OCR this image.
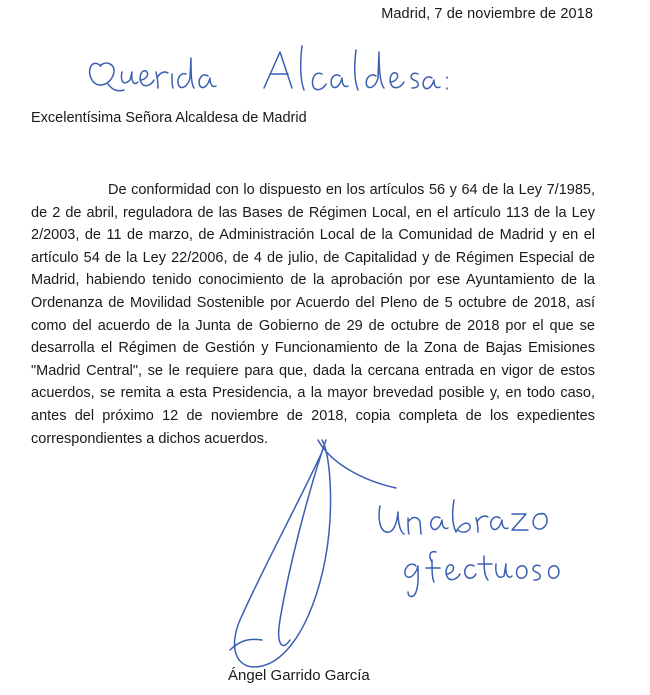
Madrid, 7 de noviembre de 2018
Excelentísima Señora Alcaldesa de Madrid

De conformidad con lo dispuesto en los artículos 56 y 64 de la Ley 7/1985, de 2 de abril, reguladora de las Bases de Régimen Local, en el artículo 113 de la Ley 2/2003, de 11 de marzo, de Administración Local de la Comunidad de Madrid y en el artículo 54 de la Ley 22/2006, de 4 de julio, de Capitalidad y de Régimen Especial de Madrid, habiendo tenido conocimiento de la aprobación por ese Ayuntamiento de la Ordenanza de Movilidad Sostenible por Acuerdo del Pleno de 5 octubre de 2018, así como del acuerdo de la Junta de Gobierno de 29 de octubre de 2018 por el que se desarrolla el Régimen de Gestión y Funcionamiento de la Zona de Bajas Emisiones "Madrid Central", se le requiere para que, dada la cercana entrada en vigor de estos acuerdos, se remita a esta Presidencia, a la mayor brevedad posible y, en todo caso, antes del próximo 12 de noviembre de 2018, copia completa de los expedientes correspondientes a dichos acuerdos.

Ángel Garrido García
